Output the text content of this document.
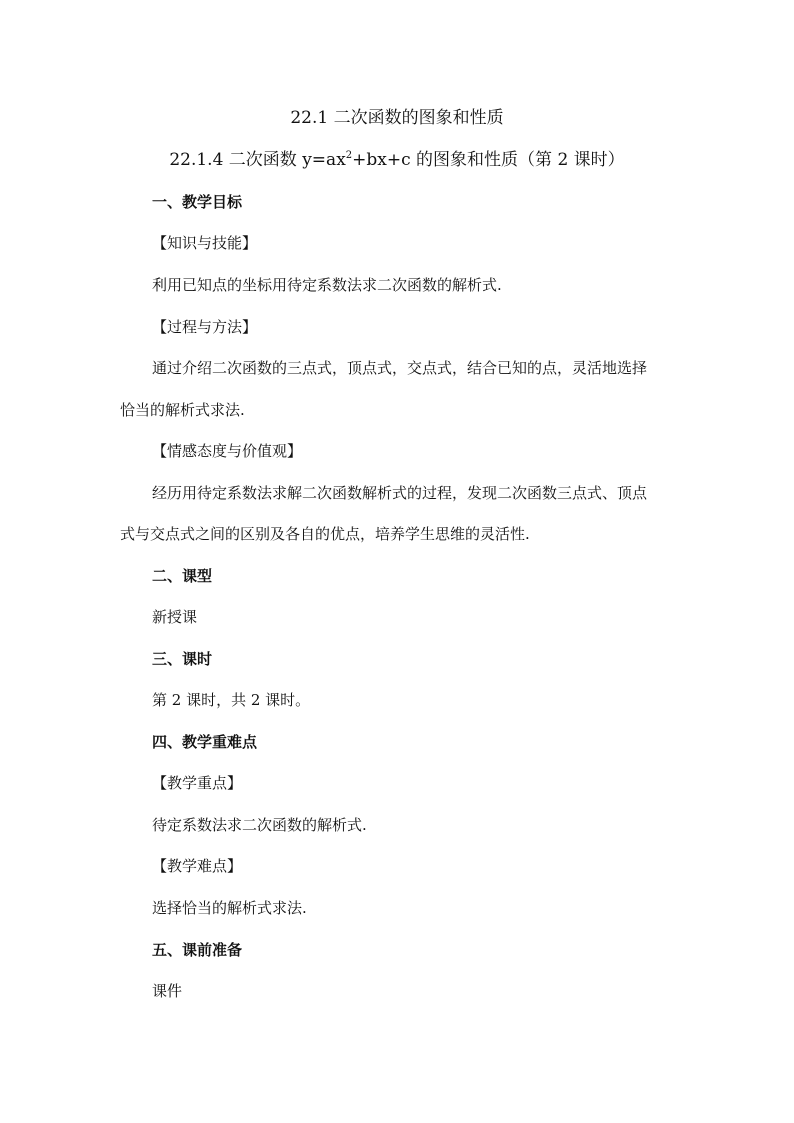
22.1 二次函数的图象和性质
22.1.4 二次函数 $y=ax^2+bx+c$ 的图象和性质（第 2 课时）
一、教学目标
【知识与技能】
利用已知点的坐标用待定系数法求二次函数的解析式.
【过程与方法】
通过介绍二次函数的三点式，顶点式，交点式，结合已知的点，灵活地选择
恰当的解析式求法.
【情感态度与价值观】
经历用待定系数法求解二次函数解析式的过程，发现二次函数三点式、顶点
式与交点式之间的区别及各自的优点，培养学生思维的灵活性.
二、课型
新授课
三、课时
第 2 课时，共 2 课时。
四、教学重难点
【教学重点】
待定系数法求二次函数的解析式.
【教学难点】
选择恰当的解析式求法.
五、课前准备
课件
